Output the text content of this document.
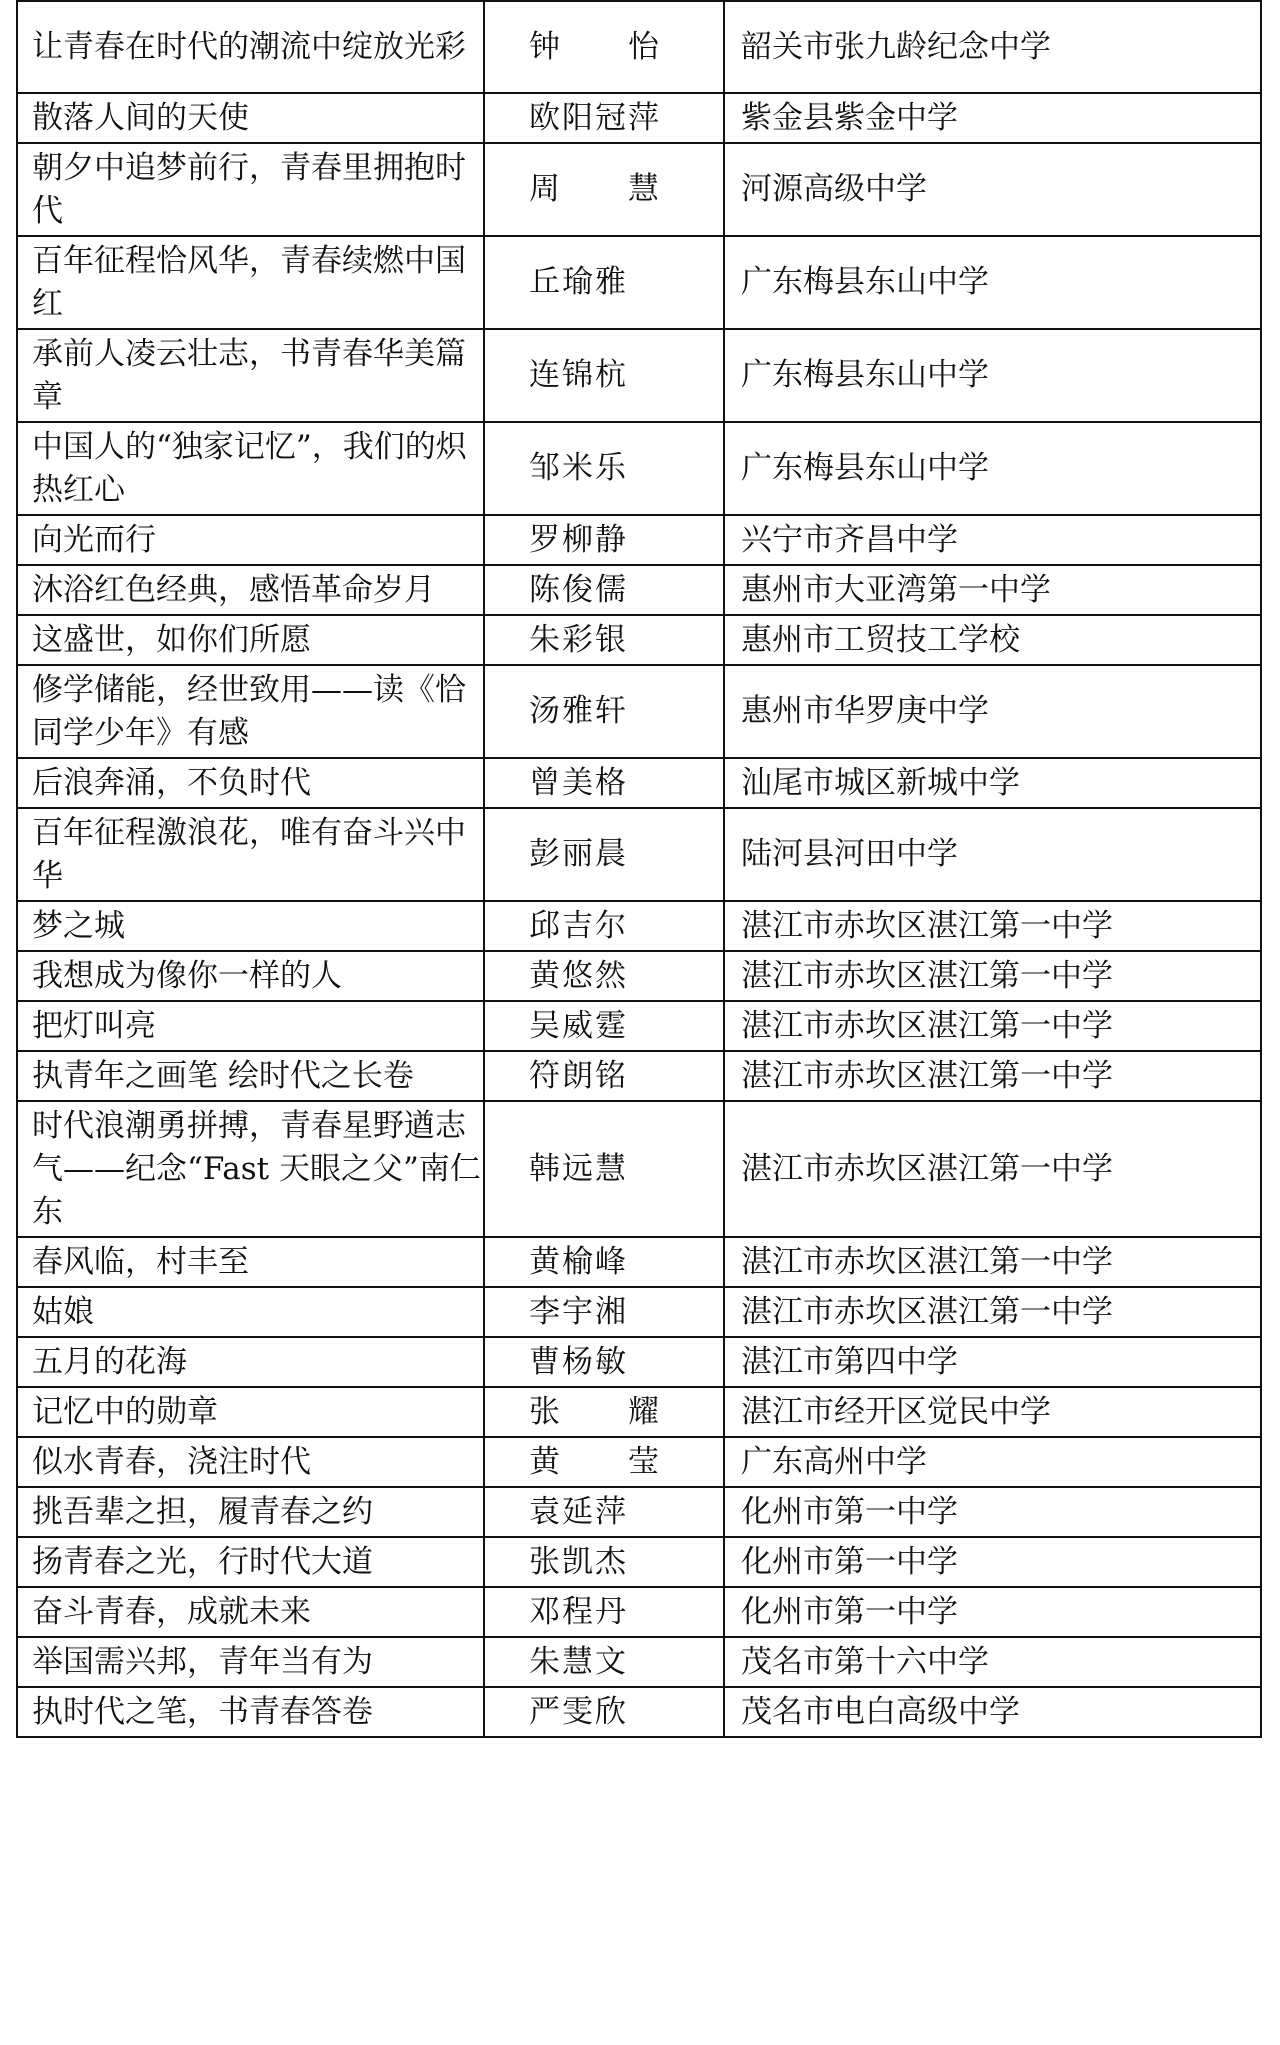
让青春在时代的潮流中绽放光彩	钟　　怡	韶关市张九龄纪念中学
散落人间的天使	欧阳冠萍	紫金县紫金中学
朝夕中追梦前行，青春里拥抱时代	周　　慧	河源高级中学
百年征程恰风华，青春续燃中国红	丘瑜雅	广东梅县东山中学
承前人凌云壮志，书青春华美篇章	连锦杭	广东梅县东山中学
中国人的“独家记忆”，我们的炽热红心	邹米乐	广东梅县东山中学
向光而行	罗柳静	兴宁市齐昌中学
沐浴红色经典，感悟革命岁月	陈俊儒	惠州市大亚湾第一中学
这盛世，如你们所愿	朱彩银	惠州市工贸技工学校
修学储能，经世致用——读《恰同学少年》有感	汤雅轩	惠州市华罗庚中学
后浪奔涌，不负时代	曾美格	汕尾市城区新城中学
百年征程激浪花，唯有奋斗兴中华	彭丽晨	陆河县河田中学
梦之城	邱吉尔	湛江市赤坎区湛江第一中学
我想成为像你一样的人	黄悠然	湛江市赤坎区湛江第一中学
把灯叫亮	吴威霆	湛江市赤坎区湛江第一中学
执青年之画笔 绘时代之长卷	符朗铭	湛江市赤坎区湛江第一中学
时代浪潮勇拼搏，青春星野遒志气——纪念“Fast 天眼之父”南仁东	韩远慧	湛江市赤坎区湛江第一中学
春风临，村丰至	黄榆峰	湛江市赤坎区湛江第一中学
姑娘	李宇湘	湛江市赤坎区湛江第一中学
五月的花海	曹杨敏	湛江市第四中学
记忆中的勋章	张　　耀	湛江市经开区觉民中学
似水青春，浇注时代	黄　　莹	广东高州中学
挑吾辈之担，履青春之约	袁延萍	化州市第一中学
扬青春之光，行时代大道	张凯杰	化州市第一中学
奋斗青春，成就未来	邓程丹	化州市第一中学
举国需兴邦，青年当有为	朱慧文	茂名市第十六中学
执时代之笔，书青春答卷	严雯欣	茂名市电白高级中学
